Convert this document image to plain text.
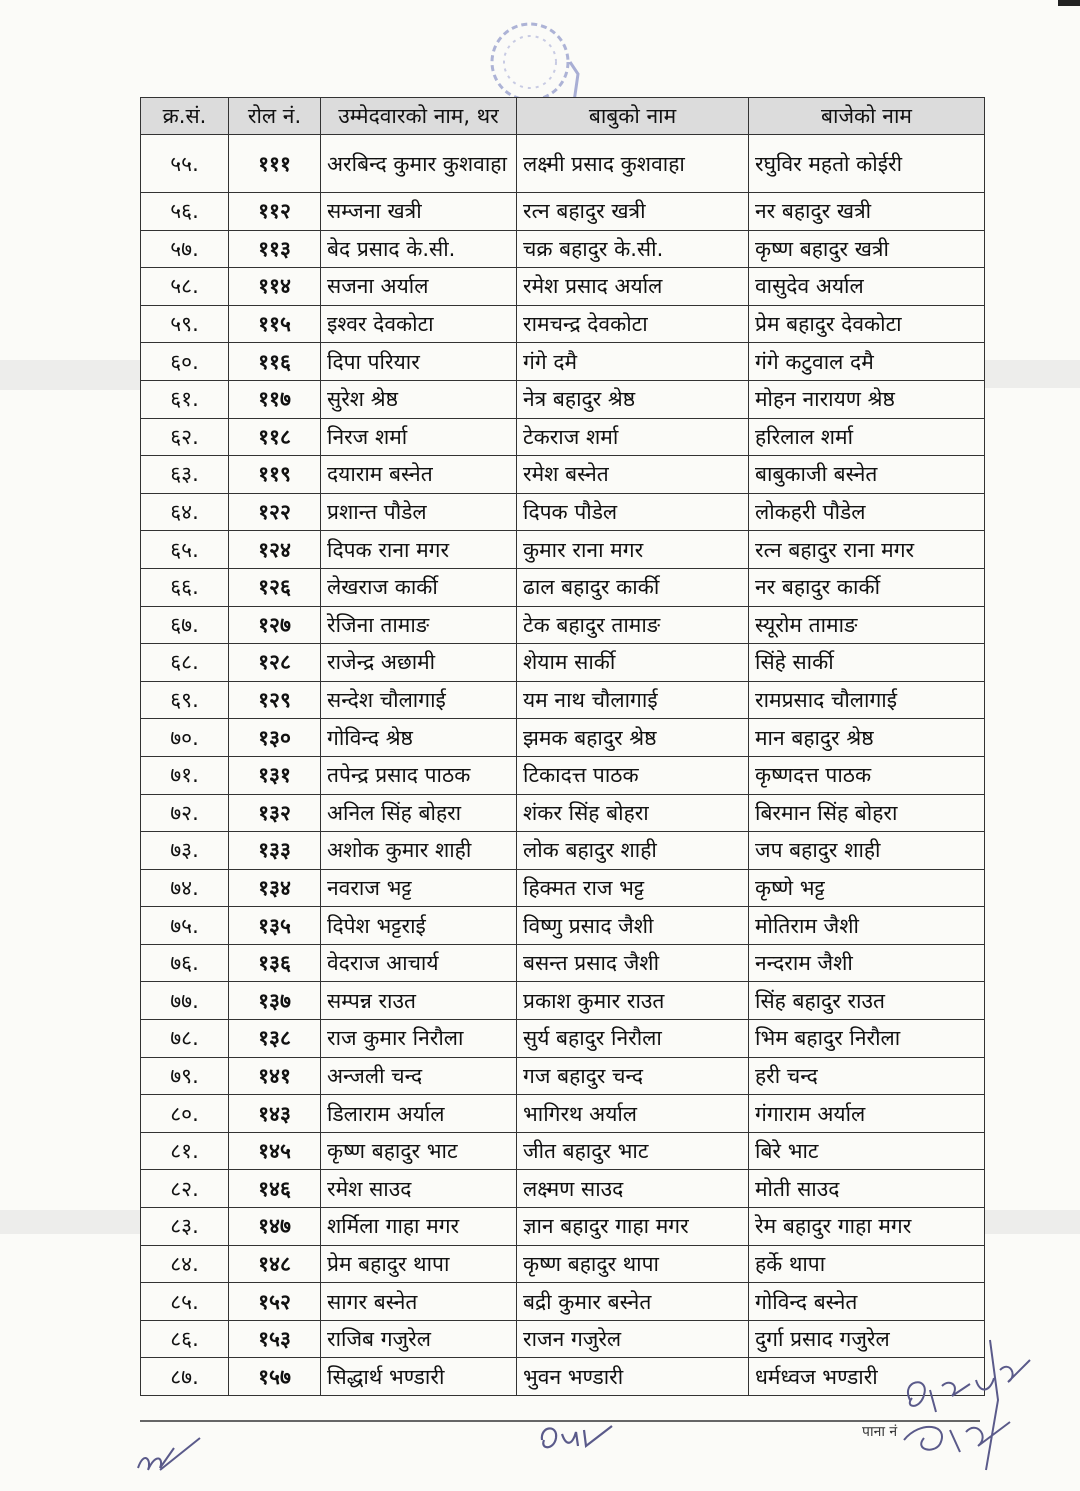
क्र.सं.	रोल नं.	उम्मेदवारको नाम, थर	बाबुको नाम	बाजेको नाम
५५.	१११	अरबिन्द कुमार कुशवाहा	लक्ष्मी प्रसाद कुशवाहा	रघुविर महतो कोईरी
५६.	११२	सम्जना खत्री	रत्न बहादुर खत्री	नर बहादुर खत्री
५७.	११३	बेद प्रसाद के.सी.	चक्र बहादुर के.सी.	कृष्ण बहादुर खत्री
५८.	११४	सजना अर्याल	रमेश प्रसाद अर्याल	वासुदेव अर्याल
५९.	११५	इश्वर देवकोटा	रामचन्द्र देवकोटा	प्रेम बहादुर देवकोटा
६०.	११६	दिपा परियार	गंगे दमै	गंगे कटुवाल दमै
६१.	११७	सुरेश श्रेष्ठ	नेत्र बहादुर श्रेष्ठ	मोहन नारायण श्रेष्ठ
६२.	११८	निरज शर्मा	टेकराज शर्मा	हरिलाल शर्मा
६३.	११९	दयाराम बस्नेत	रमेश बस्नेत	बाबुकाजी बस्नेत
६४.	१२२	प्रशान्त पौडेल	दिपक पौडेल	लोकहरी पौडेल
६५.	१२४	दिपक राना मगर	कुमार राना मगर	रत्न बहादुर राना मगर
६६.	१२६	लेखराज कार्की	ढाल बहादुर कार्की	नर बहादुर कार्की
६७.	१२७	रेजिना तामाङ	टेक बहादुर तामाङ	स्यूरोम तामाङ
६८.	१२८	राजेन्द्र अछामी	शेयाम सार्की	सिंहे सार्की
६९.	१२९	सन्देश चौलागाई	यम नाथ चौलागाई	रामप्रसाद चौलागाई
७०.	१३०	गोविन्द श्रेष्ठ	झमक बहादुर श्रेष्ठ	मान बहादुर श्रेष्ठ
७१.	१३१	तपेन्द्र प्रसाद पाठक	टिकादत्त पाठक	कृष्णदत्त पाठक
७२.	१३२	अनिल सिंह बोहरा	शंकर सिंह बोहरा	बिरमान सिंह बोहरा
७३.	१३३	अशोक कुमार शाही	लोक बहादुर शाही	जप बहादुर शाही
७४.	१३४	नवराज भट्ट	हिक्मत राज भट्ट	कृष्णे भट्ट
७५.	१३५	दिपेश भट्टराई	विष्णु प्रसाद जैशी	मोतिराम जैशी
७६.	१३६	वेदराज आचार्य	बसन्त प्रसाद जैशी	नन्दराम जैशी
७७.	१३७	सम्पन्न राउत	प्रकाश कुमार राउत	सिंह बहादुर राउत
७८.	१३८	राज कुमार निरौला	सुर्य बहादुर निरौला	भिम बहादुर निरौला
७९.	१४१	अन्जली चन्द	गज बहादुर चन्द	हरी चन्द
८०.	१४३	डिलाराम अर्याल	भागिरथ अर्याल	गंगाराम अर्याल
८१.	१४५	कृष्ण बहादुर भाट	जीत बहादुर भाट	बिरे भाट
८२.	१४६	रमेश साउद	लक्ष्मण साउद	मोती साउद
८३.	१४७	शर्मिला गाहा मगर	ज्ञान बहादुर गाहा मगर	रेम बहादुर गाहा मगर
८४.	१४८	प्रेम बहादुर थापा	कृष्ण बहादुर थापा	हर्के थापा
८५.	१५२	सागर बस्नेत	बद्री कुमार बस्नेत	गोविन्द बस्नेत
८६.	१५३	राजिब गजुरेल	राजन गजुरेल	दुर्गा प्रसाद गजुरेल
८७.	१५७	सिद्धार्थ भण्डारी	भुवन भण्डारी	धर्मध्वज भण्डारी
पाना नं
